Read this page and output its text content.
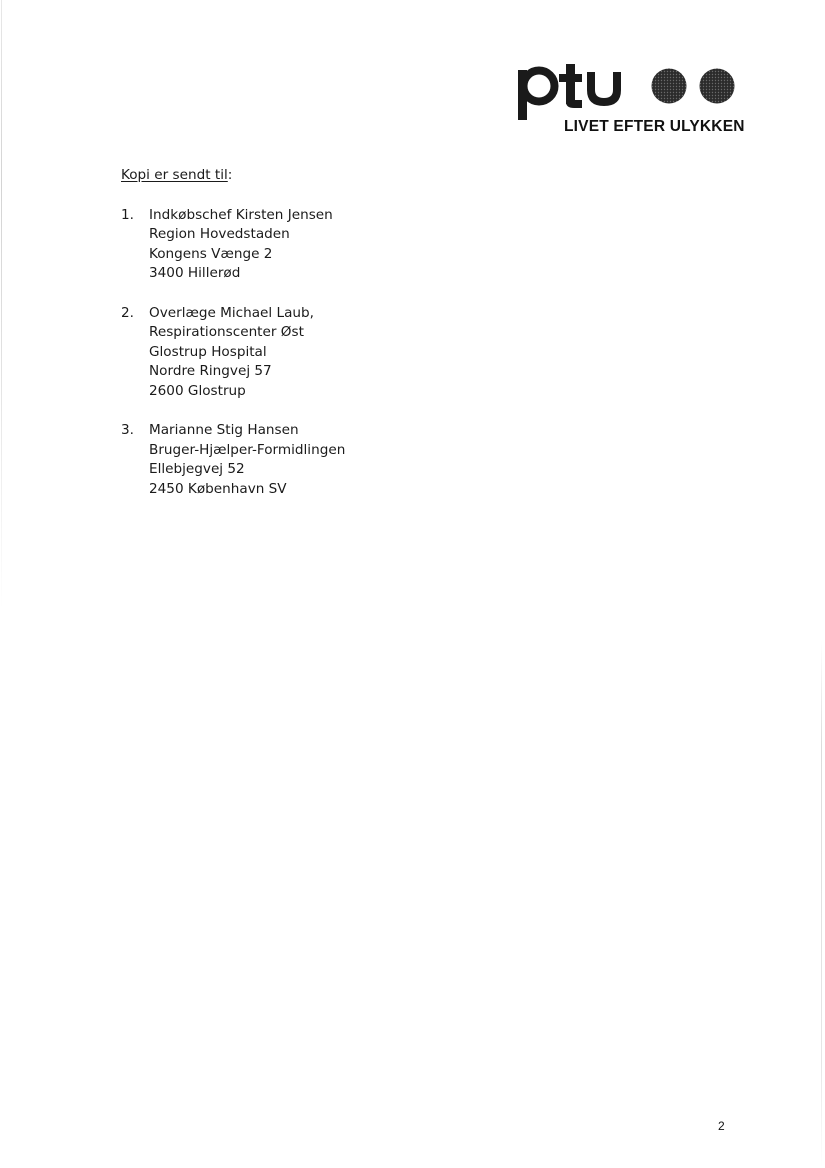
LIVET EFTER ULYKKEN
Kopi er sendt til:
1.	Indkøbschef Kirsten Jensen
Region Hovedstaden
Kongens Vænge 2
3400 Hillerød
2.	Overlæge Michael Laub,
Respirationscenter Øst
Glostrup Hospital
Nordre Ringvej 57
2600 Glostrup
3.	Marianne Stig Hansen
Bruger-Hjælper-Formidlingen
Ellebjegvej 52
2450 København SV
2
